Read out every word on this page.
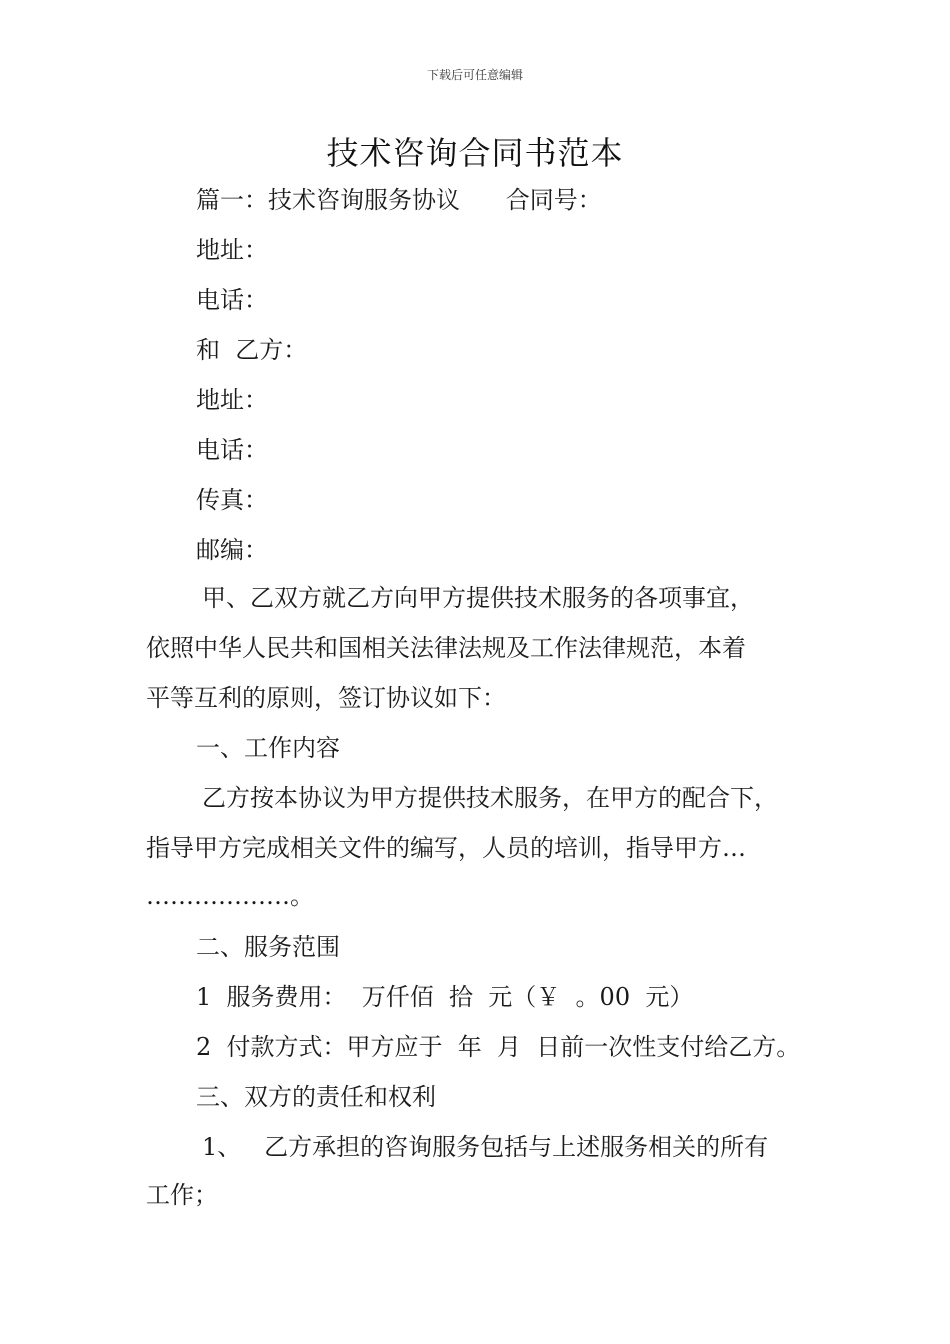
下载后可任意编辑
技术咨询合同书范本
篇一：技术咨询服务协议      合同号：
地址：
电话：
和  乙方：
地址：
电话：
传真：
邮编：
甲、乙双方就乙方向甲方提供技术服务的各项事宜，
依照中华人民共和国相关法律法规及工作法律规范，本着
平等互利的原则，签订协议如下：
一、工作内容
乙方按本协议为甲方提供技术服务，在甲方的配合下，
指导甲方完成相关文件的编写，人员的培训，指导甲方…
………………。
二、服务范围
1  服务费用：  万仟佰  拾  元（￥  。00  元）
2  付款方式：甲方应于  年  月  日前一次性支付给乙方。
三、双方的责任和权利
1、   乙方承担的咨询服务包括与上述服务相关的所有
工作；
